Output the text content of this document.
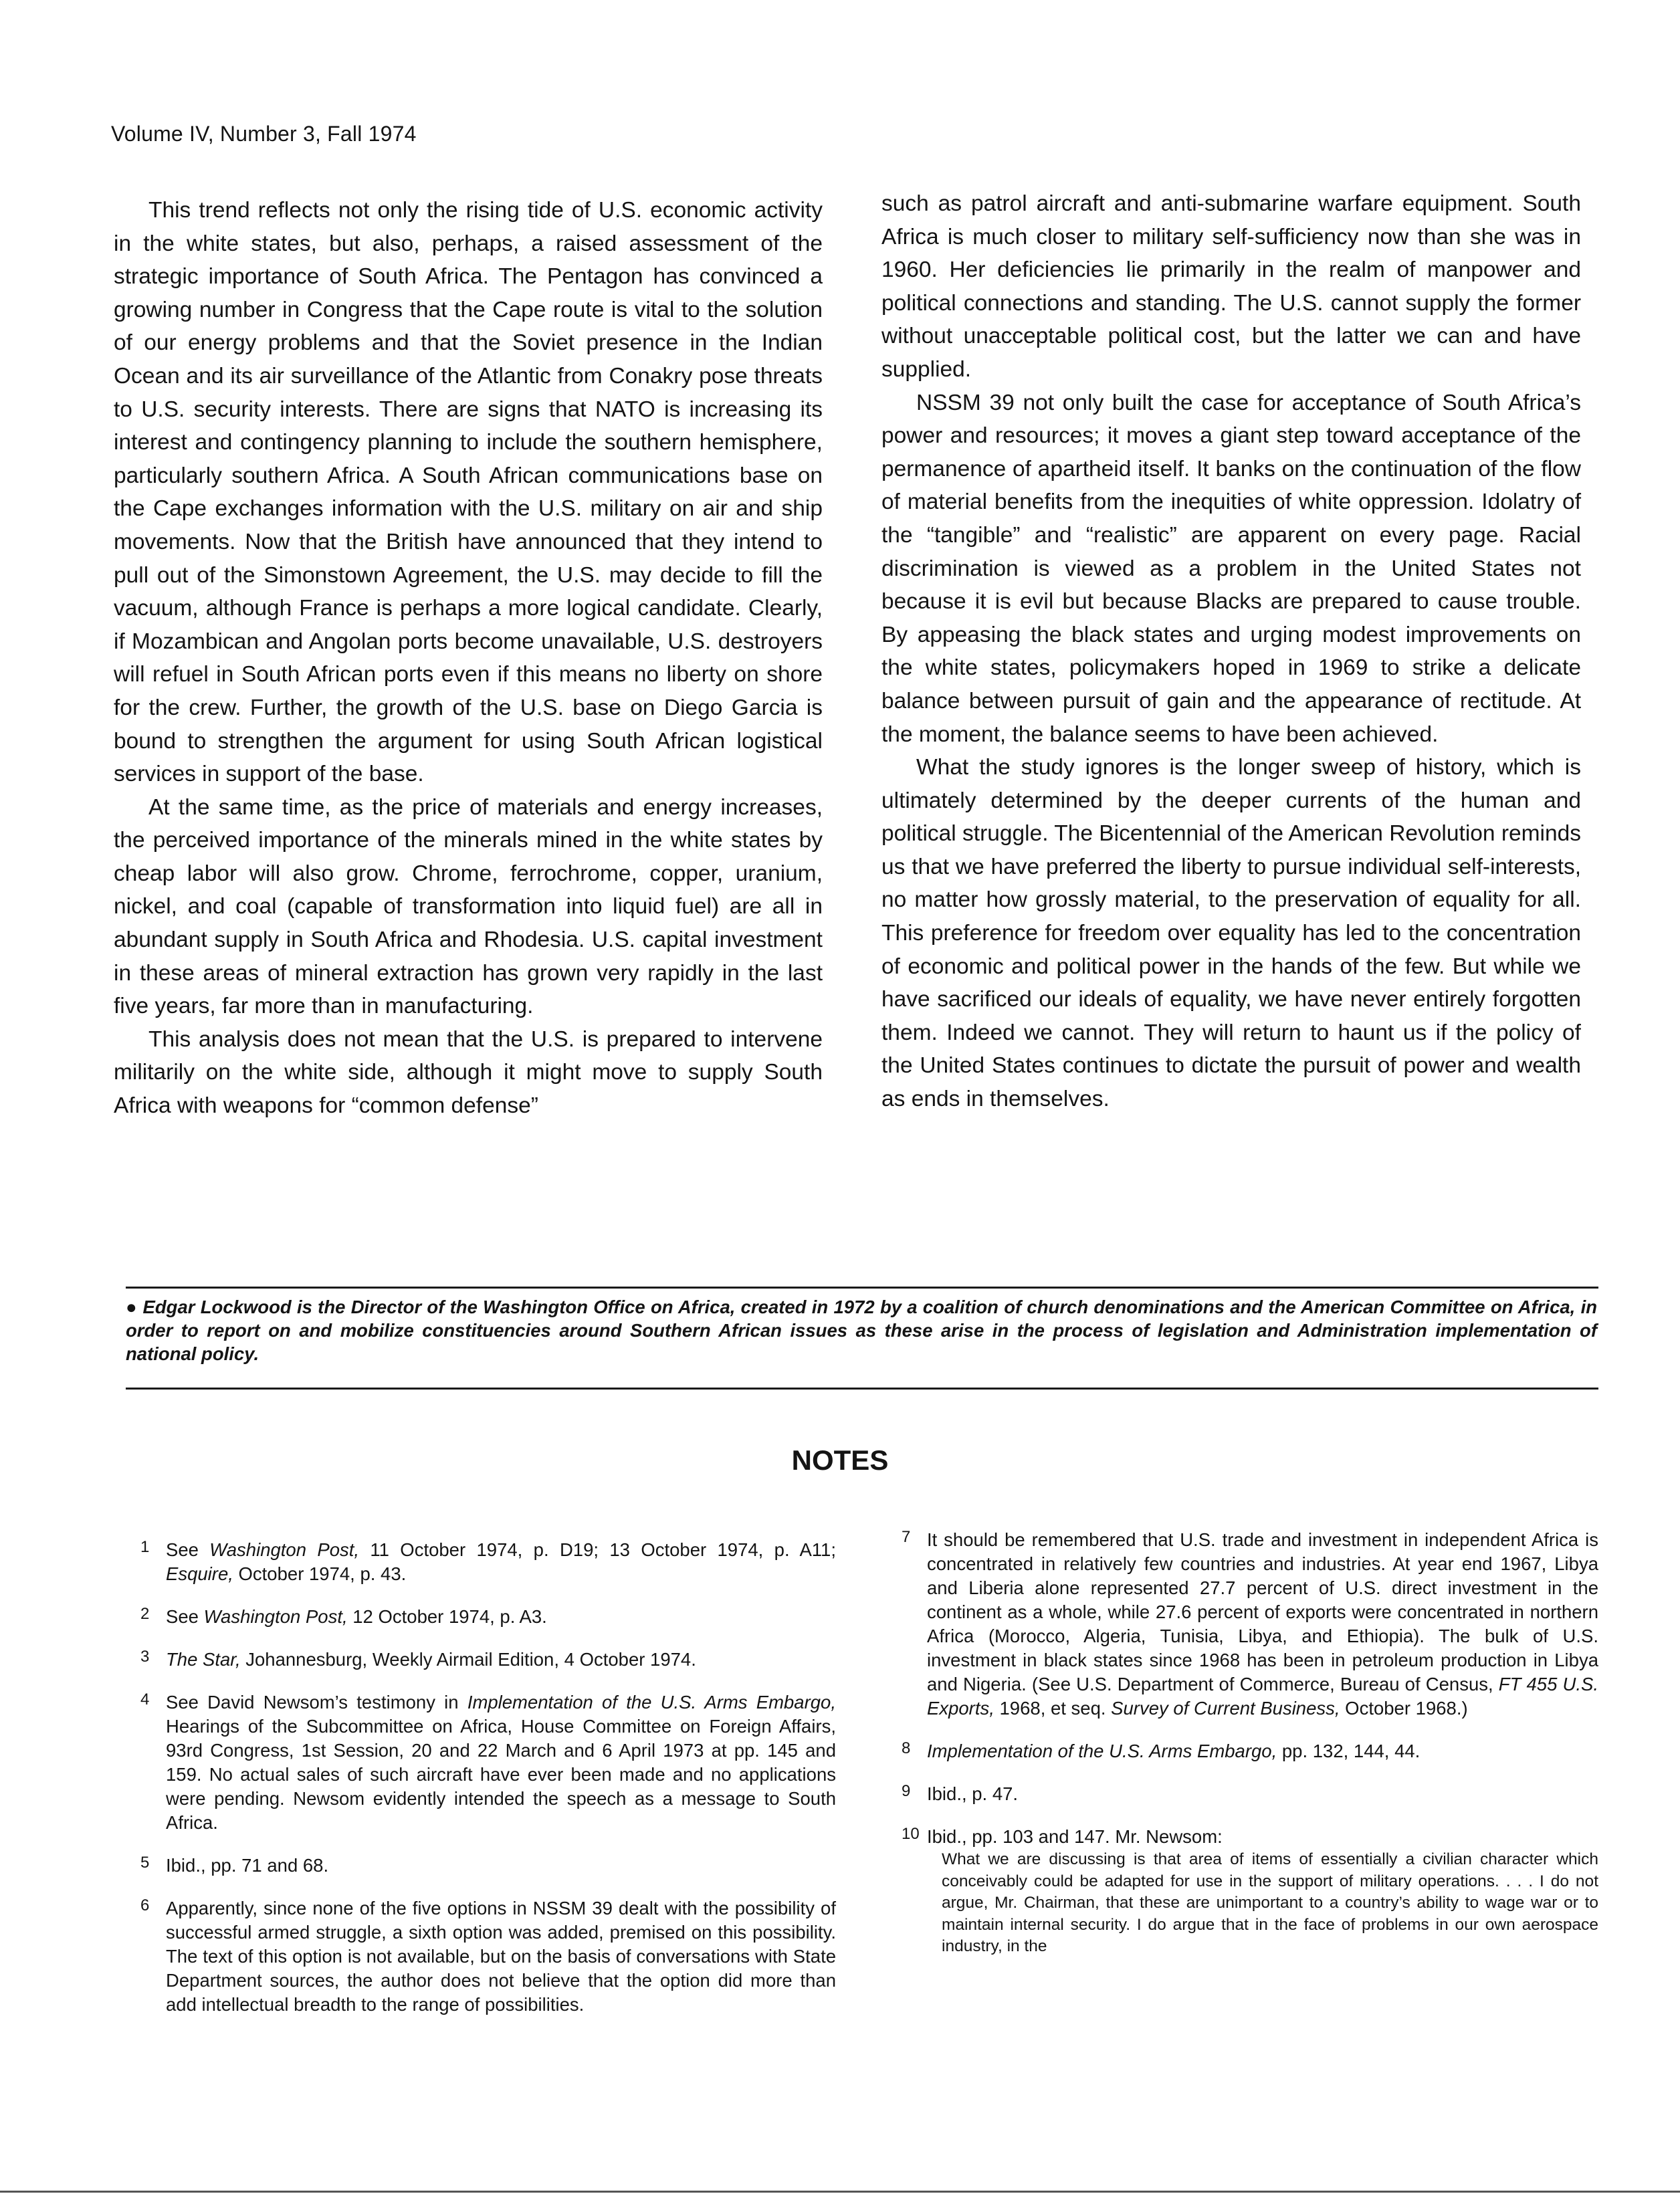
Volume IV, Number 3, Fall 1974

This trend reflects not only the rising tide of U.S. economic activity in the white states, but also, perhaps, a raised assessment of the strategic importance of South Africa. The Pentagon has convinced a growing number in Congress that the Cape route is vital to the solution of our energy problems and that the Soviet presence in the Indian Ocean and its air surveillance of the Atlantic from Conakry pose threats to U.S. security interests. There are signs that NATO is increasing its interest and contingency planning to include the southern hemisphere, particularly southern Africa. A South African communications base on the Cape exchanges information with the U.S. military on air and ship movements. Now that the British have announced that they intend to pull out of the Simonstown Agreement, the U.S. may decide to fill the vacuum, although France is perhaps a more logical candidate. Clearly, if Mozambican and Angolan ports become unavailable, U.S. destroyers will refuel in South African ports even if this means no liberty on shore for the crew. Further, the growth of the U.S. base on Diego Garcia is bound to strengthen the argument for using South African logistical services in support of the base.

At the same time, as the price of materials and energy increases, the perceived importance of the minerals mined in the white states by cheap labor will also grow. Chrome, ferrochrome, copper, uranium, nickel, and coal (capable of transformation into liquid fuel) are all in abundant supply in South Africa and Rhodesia. U.S. capital investment in these areas of mineral extraction has grown very rapidly in the last five years, far more than in manufacturing.

This analysis does not mean that the U.S. is prepared to intervene militarily on the white side, although it might move to supply South Africa with weapons for “common defense”

such as patrol aircraft and anti-submarine warfare equipment. South Africa is much closer to military self-sufficiency now than she was in 1960. Her deficiencies lie primarily in the realm of manpower and political connections and standing. The U.S. cannot supply the former without unacceptable political cost, but the latter we can and have supplied.

NSSM 39 not only built the case for acceptance of South Africa’s power and resources; it moves a giant step toward acceptance of the permanence of apartheid itself. It banks on the continuation of the flow of material benefits from the inequities of white oppression. Idolatry of the “tangible” and “realistic” are apparent on every page. Racial discrimination is viewed as a problem in the United States not because it is evil but because Blacks are prepared to cause trouble. By appeasing the black states and urging modest improvements on the white states, policymakers hoped in 1969 to strike a delicate balance between pursuit of gain and the appearance of rectitude. At the moment, the balance seems to have been achieved.

What the study ignores is the longer sweep of history, which is ultimately determined by the deeper currents of the human and political struggle. The Bicentennial of the American Revolution reminds us that we have preferred the liberty to pursue individual self-interests, no matter how grossly material, to the preservation of equality for all. This preference for freedom over equality has led to the concentration of economic and political power in the hands of the few. But while we have sacrificed our ideals of equality, we have never entirely forgotten them. Indeed we cannot. They will return to haunt us if the policy of the United States continues to dictate the pursuit of power and wealth as ends in themselves.

● Edgar Lockwood is the Director of the Washington Office on Africa, created in 1972 by a coalition of church denominations and the American Committee on Africa, in order to report on and mobilize constituencies around Southern African issues as these arise in the process of legislation and Administration implementation of national policy.
NOTES
1 See Washington Post, 11 October 1974, p. D19; 13 October 1974, p. A11; Esquire, October 1974, p. 43.
2 See Washington Post, 12 October 1974, p. A3.
3 The Star, Johannesburg, Weekly Airmail Edition, 4 October 1974.
4 See David Newsom’s testimony in Implementation of the U.S. Arms Embargo, Hearings of the Subcommittee on Africa, House Committee on Foreign Affairs, 93rd Congress, 1st Session, 20 and 22 March and 6 April 1973 at pp. 145 and 159. No actual sales of such aircraft have ever been made and no applications were pending. Newsom evidently intended the speech as a message to South Africa.
5 Ibid., pp. 71 and 68.
6 Apparently, since none of the five options in NSSM 39 dealt with the possibility of successful armed struggle, a sixth option was added, premised on this possibility. The text of this option is not available, but on the basis of conversations with State Department sources, the author does not believe that the option did more than add intellectual breadth to the range of possibilities.
7 It should be remembered that U.S. trade and investment in independent Africa is concentrated in relatively few countries and industries. At year end 1967, Libya and Liberia alone represented 27.7 percent of U.S. direct investment in the continent as a whole, while 27.6 percent of exports were concentrated in northern Africa (Morocco, Algeria, Tunisia, Libya, and Ethiopia). The bulk of U.S. investment in black states since 1968 has been in petroleum production in Libya and Nigeria. (See U.S. Department of Commerce, Bureau of Census, FT 455 U.S. Exports, 1968, et seq. Survey of Current Business, October 1968.)
8 Implementation of the U.S. Arms Embargo, pp. 132, 144, 44.
9 Ibid., p. 47.
10 Ibid., pp. 103 and 147. Mr. Newsom:
What we are discussing is that area of items of essentially a civilian character which conceivably could be adapted for use in the support of military operations. . . . I do not argue, Mr. Chairman, that these are unimportant to a country’s ability to wage war or to maintain internal security. I do argue that in the face of problems in our own aerospace industry, in the
